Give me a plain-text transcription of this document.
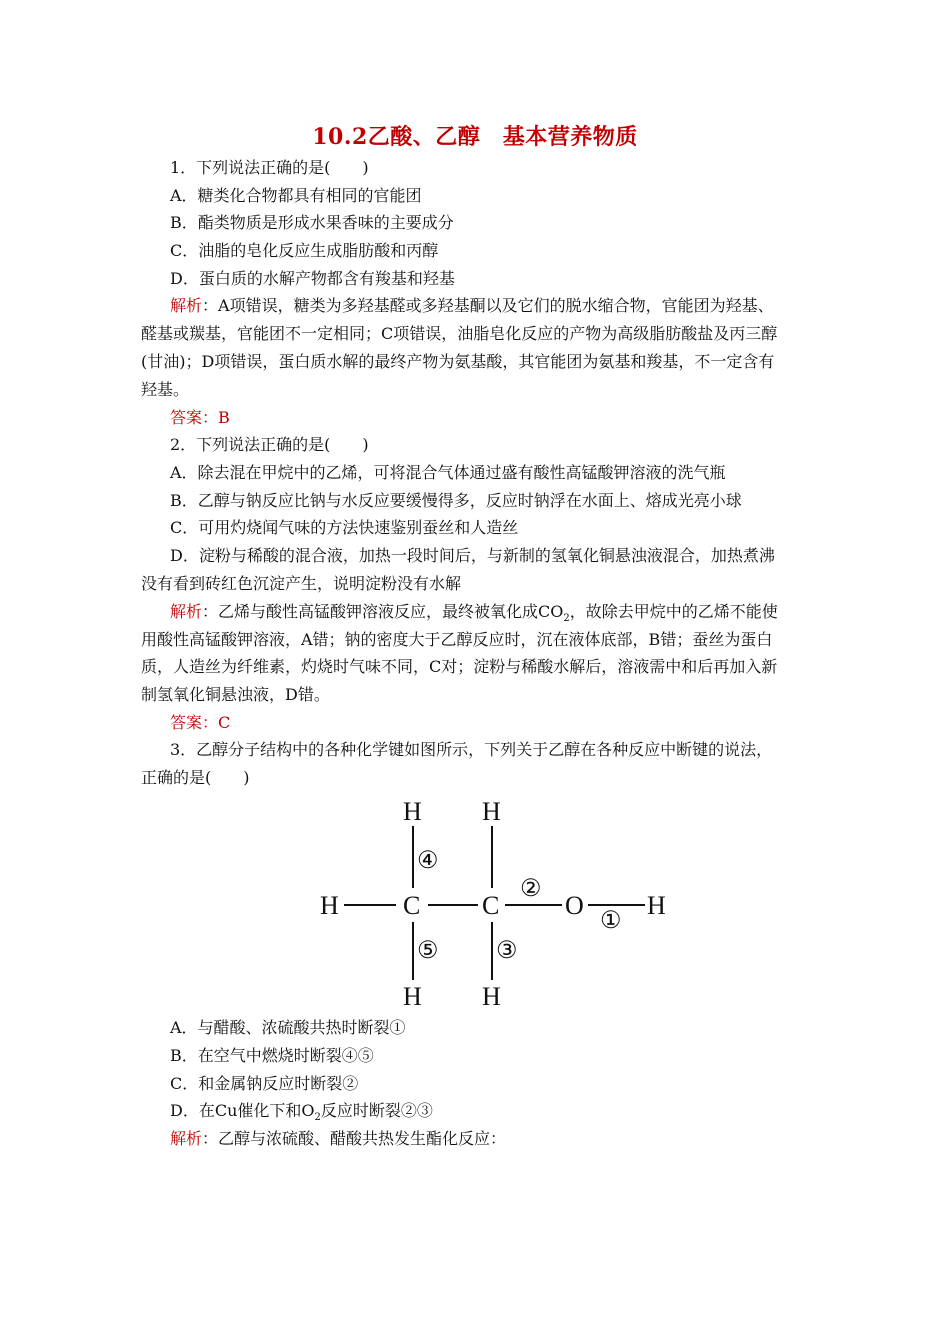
10.2乙酸、乙醇　基本营养物质
1．下列说法正确的是(　　)
A．糖类化合物都具有相同的官能团
B．酯类物质是形成水果香味的主要成分
C．油脂的皂化反应生成脂肪酸和丙醇
D．蛋白质的水解产物都含有羧基和羟基
解析：A项错误，糖类为多羟基醛或多羟基酮以及它们的脱水缩合物，官能团为羟基、
醛基或羰基，官能团不一定相同；C项错误，油脂皂化反应的产物为高级脂肪酸盐及丙三醇
(甘油)；D项错误，蛋白质水解的最终产物为氨基酸，其官能团为氨基和羧基，不一定含有
羟基。
答案：B
2．下列说法正确的是(　　)
A．除去混在甲烷中的乙烯，可将混合气体通过盛有酸性高锰酸钾溶液的洗气瓶
B．乙醇与钠反应比钠与水反应要缓慢得多，反应时钠浮在水面上、熔成光亮小球
C．可用灼烧闻气味的方法快速鉴别蚕丝和人造丝
D．淀粉与稀酸的混合液，加热一段时间后，与新制的氢氧化铜悬浊液混合，加热煮沸
没有看到砖红色沉淀产生，说明淀粉没有水解
解析：乙烯与酸性高锰酸钾溶液反应，最终被氧化成$CO_2$，故除去甲烷中的乙烯不能使
用酸性高锰酸钾溶液，A错；钠的密度大于乙醇反应时，沉在液体底部，B错；蚕丝为蛋白
质，人造丝为纤维素，灼烧时气味不同，C对；淀粉与稀酸水解后，溶液需中和后再加入新
制氢氧化铜悬浊液，D错。
答案：C
3．乙醇分子结构中的各种化学键如图所示，下列关于乙醇在各种反应中断键的说法，
正确的是(　　)
H H
H C C	O H
H H
④
⑤ ③
②
①
A．与醋酸、浓硫酸共热时断裂①
B．在空气中燃烧时断裂④⑤
C．和金属钠反应时断裂②
D．在Cu催化下和$O_2$反应时断裂②③
解析：乙醇与浓硫酸、醋酸共热发生酯化反应：
